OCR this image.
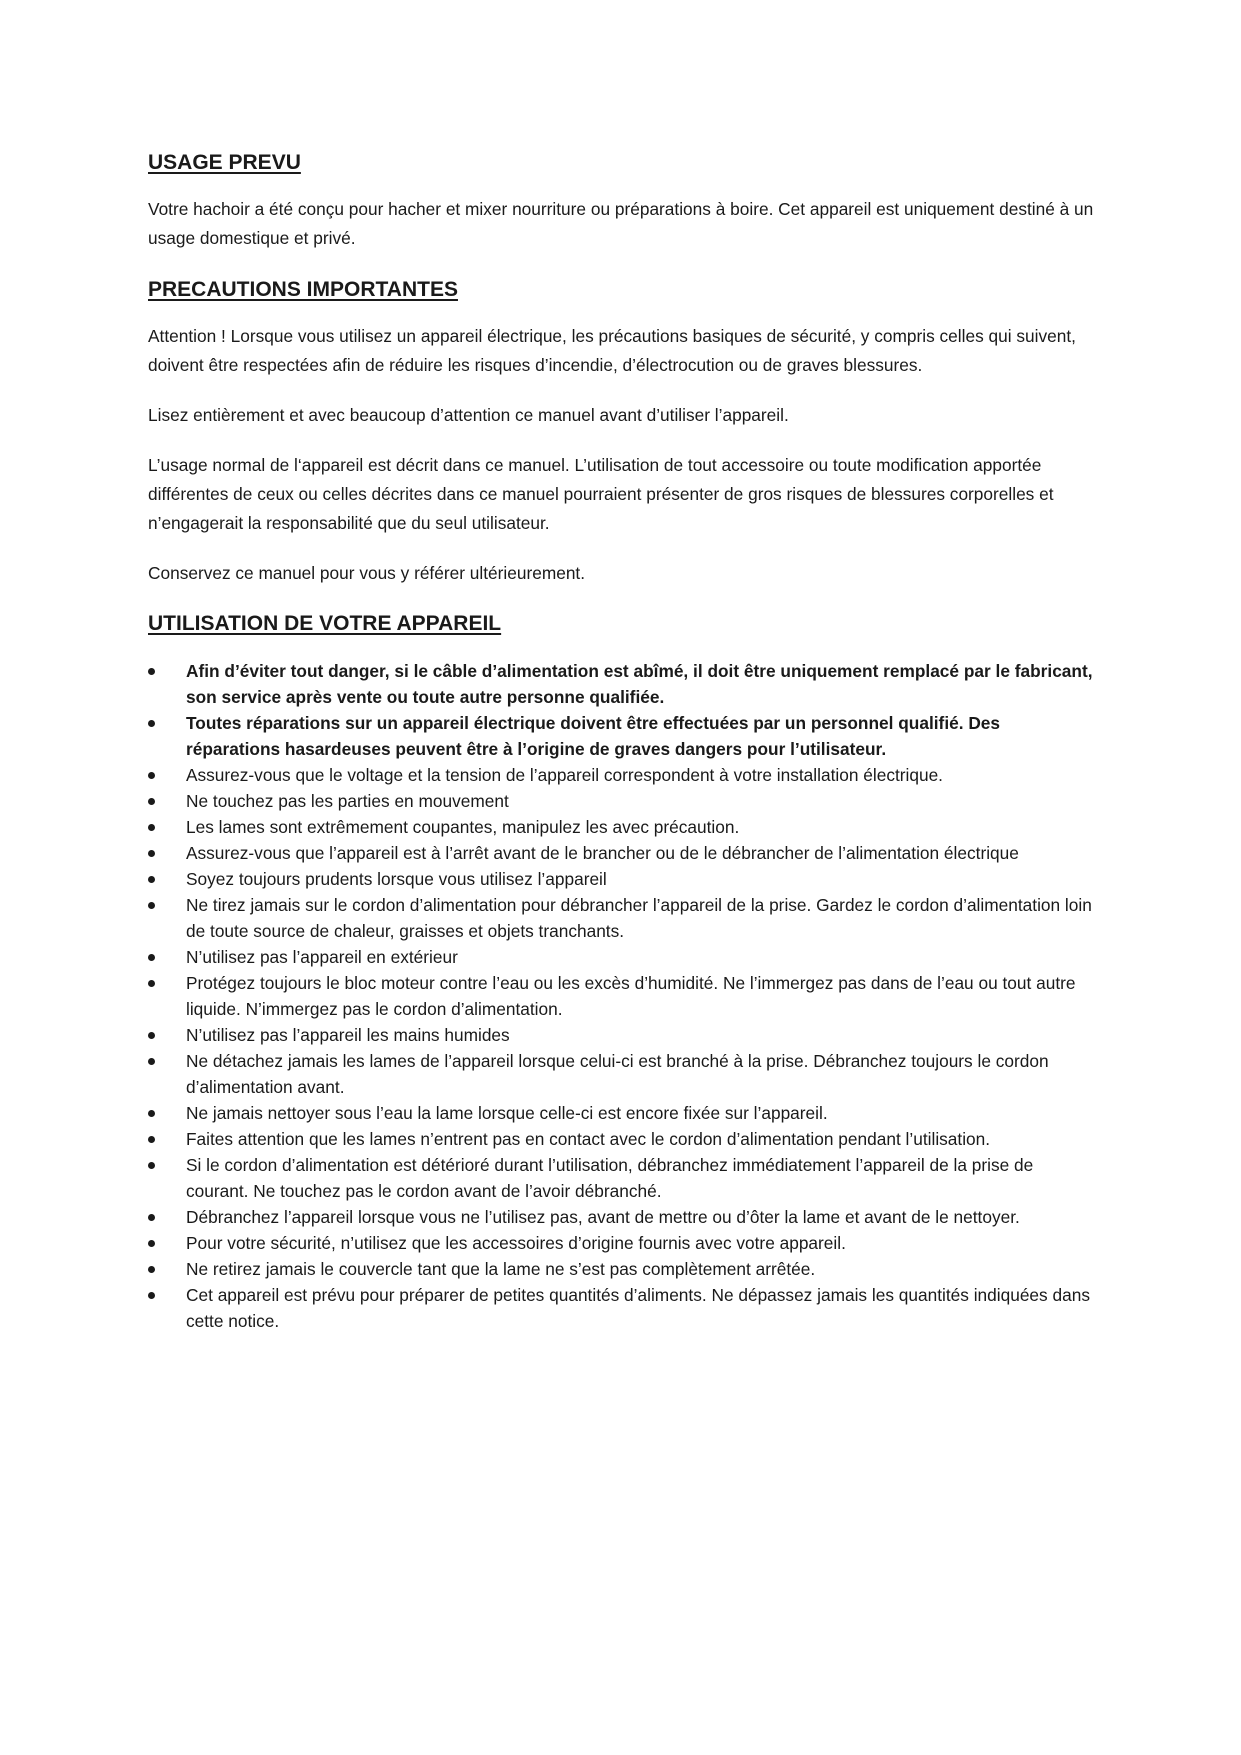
USAGE PREVU

Votre hachoir a été conçu pour hacher et mixer nourriture ou préparations à boire. Cet appareil est uniquement destiné à un usage domestique et privé.

PRECAUTIONS IMPORTANTES

Attention ! Lorsque vous utilisez un appareil électrique, les précautions basiques de sécurité, y compris celles qui suivent, doivent être respectées afin de réduire les risques d’incendie, d’électrocution ou de graves blessures.

Lisez entièrement et avec beaucoup d’attention ce manuel avant d’utiliser l’appareil.

L’usage normal de l‘appareil est décrit dans ce manuel. L’utilisation de tout accessoire ou toute modification apportée différentes de ceux ou celles décrites dans ce manuel pourraient présenter de gros risques de blessures corporelles et n’engagerait la responsabilité que du seul utilisateur.

Conservez ce manuel pour vous y référer ultérieurement.

UTILISATION DE VOTRE APPAREIL
Afin d’éviter tout danger, si le câble d’alimentation est abîmé, il doit être uniquement remplacé par le fabricant, son service après vente ou toute autre personne qualifiée.
Toutes réparations sur un appareil électrique doivent être effectuées par un personnel qualifié. Des réparations hasardeuses peuvent être à l’origine de graves dangers pour l’utilisateur.
Assurez-vous que le voltage et la tension de l’appareil correspondent à votre installation électrique.
Ne touchez pas les parties en mouvement
Les lames sont extrêmement coupantes, manipulez les avec précaution.
Assurez-vous que l’appareil est à l’arrêt avant de le brancher ou de le débrancher de l’alimentation électrique
Soyez toujours prudents lorsque vous utilisez l’appareil
Ne tirez jamais sur le cordon d’alimentation pour débrancher l’appareil de la prise. Gardez le cordon d’alimentation loin de toute source de chaleur, graisses et objets tranchants.
N’utilisez pas l’appareil en extérieur
Protégez toujours le bloc moteur contre l’eau ou les excès d’humidité. Ne l’immergez pas dans de l’eau ou tout autre liquide. N’immergez pas le cordon d’alimentation.
N’utilisez pas l’appareil les mains humides
Ne détachez jamais les lames de l’appareil lorsque celui-ci est branché à la prise. Débranchez toujours le cordon d’alimentation avant.
Ne jamais nettoyer sous l’eau la lame lorsque celle-ci est encore fixée sur l’appareil.
Faites attention que les lames n’entrent pas en contact avec le cordon d’alimentation pendant l’utilisation.
Si le cordon d’alimentation est détérioré durant l’utilisation, débranchez immédiatement l’appareil de la prise de courant. Ne touchez pas le cordon avant de l’avoir débranché.
Débranchez l’appareil lorsque vous ne l’utilisez pas, avant de mettre ou d’ôter la lame et avant de le nettoyer.
Pour votre sécurité, n’utilisez que les accessoires d’origine fournis avec votre appareil.
Ne retirez jamais le couvercle tant que la lame ne s’est pas complètement arrêtée.
Cet appareil est prévu pour préparer de petites quantités d’aliments. Ne dépassez jamais les quantités indiquées dans cette notice.
